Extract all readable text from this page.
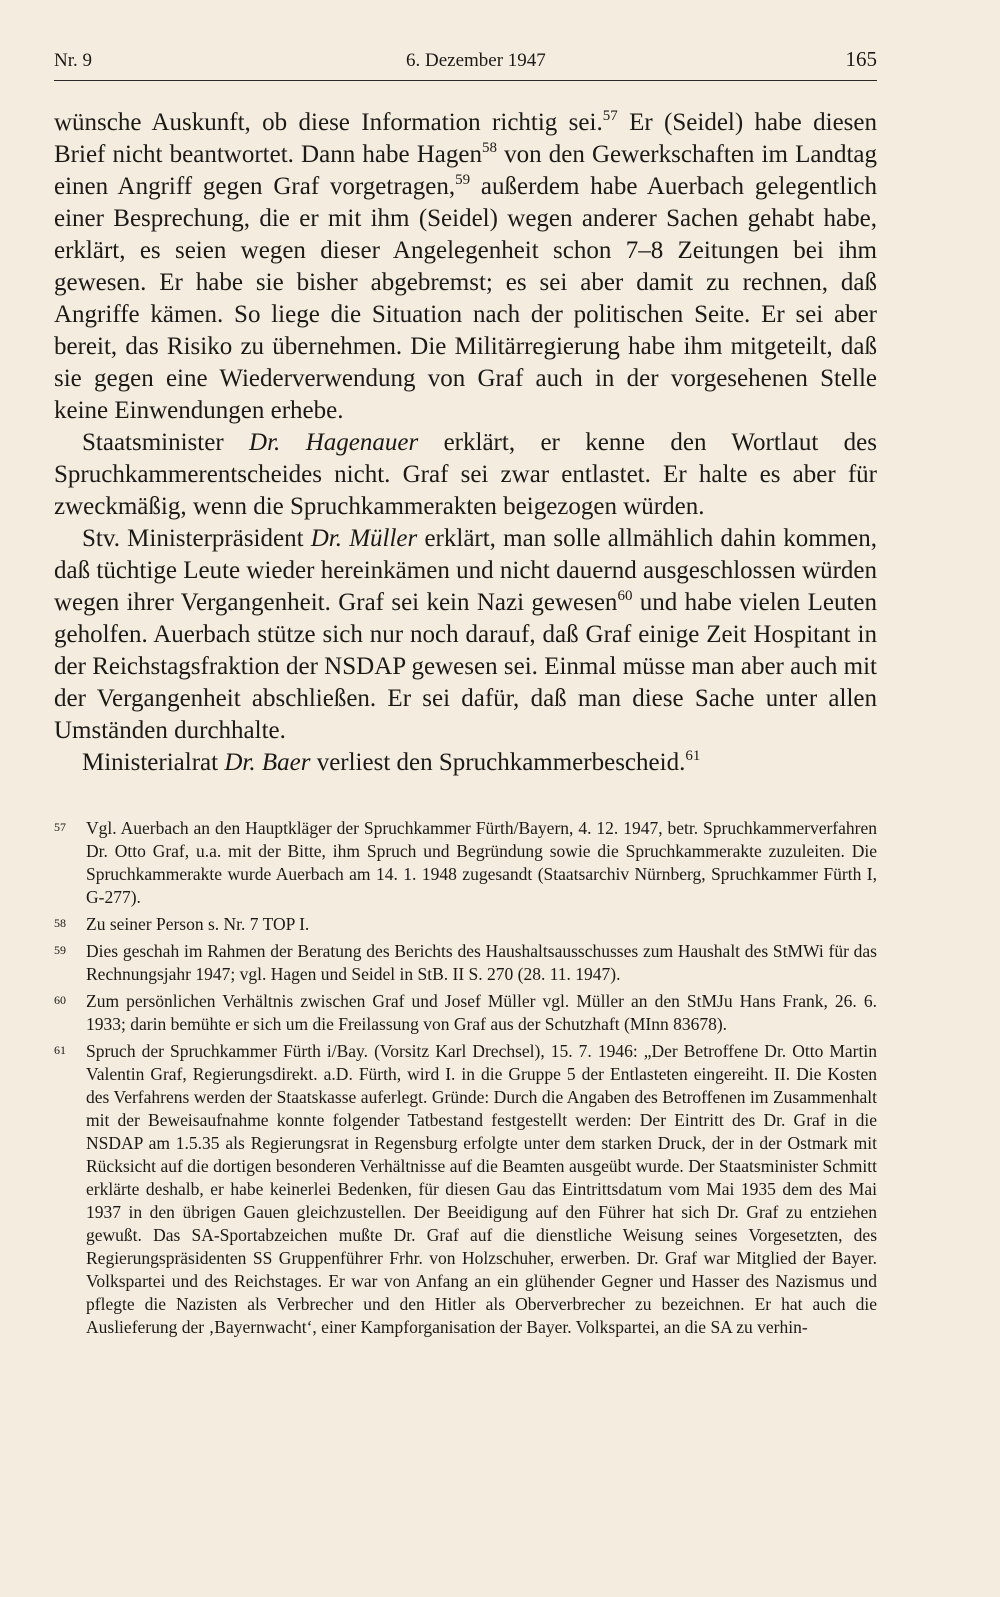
Nr. 9	6. Dezember 1947	165

wünsche Auskunft, ob diese Information richtig sei.$^{57}$ Er (Seidel) habe diesen Brief nicht beantwortet. Dann habe Hagen$^{58}$ von den Gewerkschaften im Landtag einen Angriff gegen Graf vorgetragen,$^{59}$ außerdem habe Auerbach gelegentlich einer Besprechung, die er mit ihm (Seidel) wegen anderer Sachen gehabt habe, erklärt, es seien wegen dieser Angelegenheit schon 7–8 Zeitungen bei ihm gewesen. Er habe sie bisher abgebremst; es sei aber damit zu rechnen, daß Angriffe kämen. So liege die Situation nach der politischen Seite. Er sei aber bereit, das Risiko zu übernehmen. Die Militärregierung habe ihm mitgeteilt, daß sie gegen eine Wiederverwendung von Graf auch in der vorgesehenen Stelle keine Einwendungen erhebe.

Staatsminister Dr. Hagenauer erklärt, er kenne den Wortlaut des Spruchkammerentscheides nicht. Graf sei zwar entlastet. Er halte es aber für zweckmäßig, wenn die Spruchkammerakten beigezogen würden.

Stv. Ministerpräsident Dr. Müller erklärt, man solle allmählich dahin kommen, daß tüchtige Leute wieder hereinkämen und nicht dauernd ausgeschlossen würden wegen ihrer Vergangenheit. Graf sei kein Nazi gewesen$^{60}$ und habe vielen Leuten geholfen. Auerbach stütze sich nur noch darauf, daß Graf einige Zeit Hospitant in der Reichstagsfraktion der NSDAP gewesen sei. Einmal müsse man aber auch mit der Vergangenheit abschließen. Er sei dafür, daß man diese Sache unter allen Umständen durchhalte.

Ministerialrat Dr. Baer verliest den Spruchkammerbescheid.$^{61}$

57 Vgl. Auerbach an den Hauptkläger der Spruchkammer Fürth/Bayern, 4. 12. 1947, betr. Spruchkammerverfahren Dr. Otto Graf, u.a. mit der Bitte, ihm Spruch und Begründung sowie die Spruchkammerakte zuzuleiten. Die Spruchkammerakte wurde Auerbach am 14. 1. 1948 zugesandt (Staatsarchiv Nürnberg, Spruchkammer Fürth I, G-277).
58 Zu seiner Person s. Nr. 7 TOP I.
59 Dies geschah im Rahmen der Beratung des Berichts des Haushaltsausschusses zum Haushalt des StMWi für das Rechnungsjahr 1947; vgl. Hagen und Seidel in StB. II S. 270 (28. 11. 1947).
60 Zum persönlichen Verhältnis zwischen Graf und Josef Müller vgl. Müller an den StMJu Hans Frank, 26. 6. 1933; darin bemühte er sich um die Freilassung von Graf aus der Schutzhaft (MInn 83678).
61 Spruch der Spruchkammer Fürth i/Bay. (Vorsitz Karl Drechsel), 15. 7. 1946: „Der Betroffene Dr. Otto Martin Valentin Graf, Regierungsdirekt. a.D. Fürth, wird I. in die Gruppe 5 der Entlasteten eingereiht. II. Die Kosten des Verfahrens werden der Staatskasse auferlegt. Gründe: Durch die Angaben des Betroffenen im Zusammenhalt mit der Beweisaufnahme konnte folgender Tatbestand festgestellt werden: Der Eintritt des Dr. Graf in die NSDAP am 1.5.35 als Regierungsrat in Regensburg erfolgte unter dem starken Druck, der in der Ostmark mit Rücksicht auf die dortigen besonderen Verhältnisse auf die Beamten ausgeübt wurde. Der Staatsminister Schmitt erklärte deshalb, er habe keinerlei Bedenken, für diesen Gau das Eintrittsdatum vom Mai 1935 dem des Mai 1937 in den übrigen Gauen gleichzustellen. Der Beeidigung auf den Führer hat sich Dr. Graf zu entziehen gewußt. Das SA-Sportabzeichen mußte Dr. Graf auf die dienstliche Weisung seines Vorgesetzten, des Regierungspräsidenten SS Gruppenführer Frhr. von Holzschuher, erwerben. Dr. Graf war Mitglied der Bayer. Volkspartei und des Reichstages. Er war von Anfang an ein glühender Gegner und Hasser des Nazismus und pflegte die Nazisten als Verbrecher und den Hitler als Oberverbrecher zu bezeichnen. Er hat auch die Auslieferung der ‚Bayernwacht‘, einer Kampforganisation der Bayer. Volkspartei, an die SA zu verhin-
